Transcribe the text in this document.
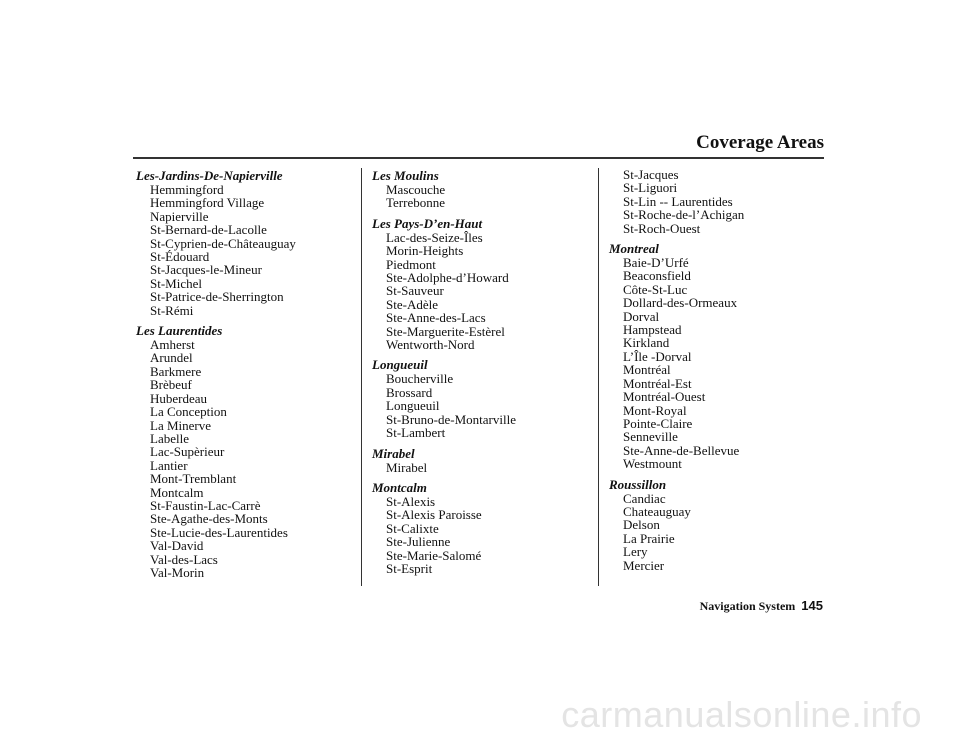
Coverage Areas
Les-Jardins-De-Napierville
Hemmingford
Hemmingford Village
Napierville
St-Bernard-de-Lacolle
St-Cyprien-de-Châteauguay
St-Édouard
St-Jacques-le-Mineur
St-Michel
St-Patrice-de-Sherrington
St-Rémi
Les Laurentides
Amherst
Arundel
Barkmere
Brèbeuf
Huberdeau
La Conception
La Minerve
Labelle
Lac-Supèrieur
Lantier
Mont-Tremblant
Montcalm
St-Faustin-Lac-Carrè
Ste-Agathe-des-Monts
Ste-Lucie-des-Laurentides
Val-David
Val-des-Lacs
Val-Morin
Les Moulins
Mascouche
Terrebonne
Les Pays-D’en-Haut
Lac-des-Seize-Îles
Morin-Heights
Piedmont
Ste-Adolphe-d’Howard
St-Sauveur
Ste-Adèle
Ste-Anne-des-Lacs
Ste-Marguerite-Estèrel
Wentworth-Nord
Longueuil
Boucherville
Brossard
Longueuil
St-Bruno-de-Montarville
St-Lambert
Mirabel
Mirabel
Montcalm
St-Alexis
St-Alexis Paroisse
St-Calixte
Ste-Julienne
Ste-Marie-Salomé
St-Esprit
St-Jacques
St-Liguori
St-Lin -- Laurentides
St-Roche-de-l’Achigan
St-Roch-Ouest
Montreal
Baie-D’Urfé
Beaconsfield
Côte-St-Luc
Dollard-des-Ormeaux
Dorval
Hampstead
Kirkland
L’Île -Dorval
Montréal
Montréal-Est
Montréal-Ouest
Mont-Royal
Pointe-Claire
Senneville
Ste-Anne-de-Bellevue
Westmount
Roussillon
Candiac
Chateauguay
Delson
La Prairie
Lery
Mercier
Navigation System 145
carmanualsonline.info
